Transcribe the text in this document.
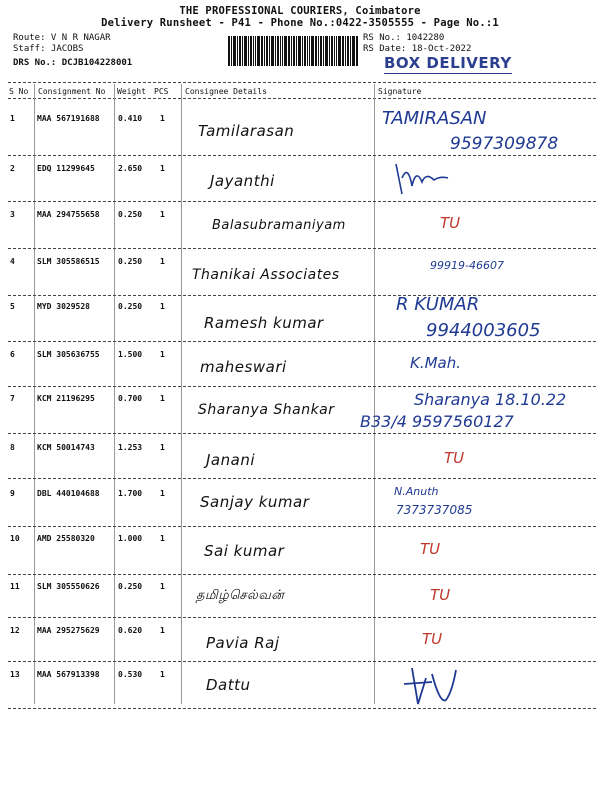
THE PROFESSIONAL COURIERS, Coimbatore
Delivery Runsheet - P41 - Phone No.:0422-3505555 - Page No.:1
Route: V N R NAGAR
Staff: JACOBS
DRS No.: DCJB104228001
RS No.: 1042280
RS Date: 18-Oct-2022
BOX DELIVERY
S No Consignment No Weight PCS Consignee Details	Signature
1	MAA 567191688 0.410 1
Tamilarasan
TAMIRASAN
9597309878
2	EDQ 11299645	2.650 1
Jayanthi
3	MAA 294755658 0.250 1
Balasubramaniyam	TU
4	SLM 305586515 0.250 1
Thanikai Associates
99919-46607
5	MYD 3029528	0.250 1
Ramesh kumar
R KUMAR
9944003605
6	SLM 305636755 1.500 1
maheswari	K.Mah.
7	KCM 21196295	0.700 1
Sharanya Shankar
Sharanya 18.10.22
B33/4 9597560127
8	KCM 50014743	1.253 1
Janani	TU
9	DBL 440104688 1.700 1 Sanjay kumar
N.Anuth
7373737085
10 AMD 25580320	1.000 1
Sai kumar	TU
11 SLM 305550626 0.250 1
தமிழ்செல்வன்	TU
12 MAA 295275629 0.620 1
Pavia Raj	TU
13 MAA 567913398 0.530 1
Dattu
